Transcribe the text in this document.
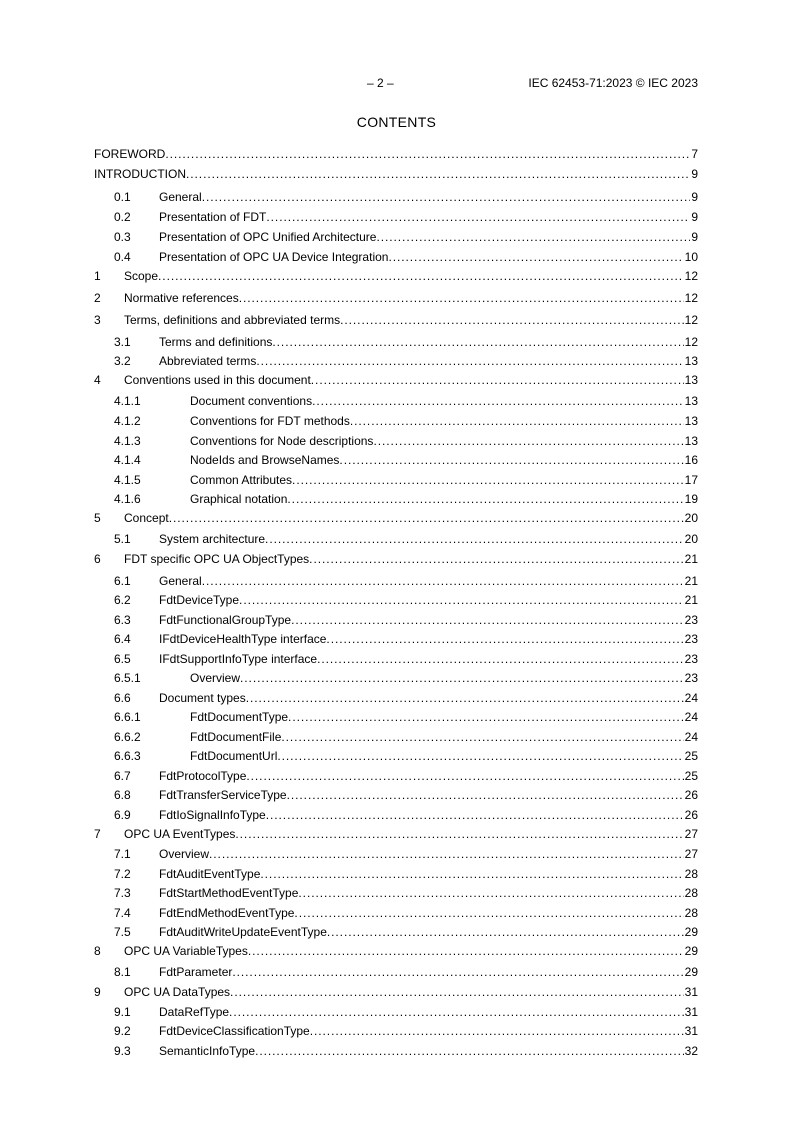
– 2 –	IEC 62453-71:2023 © IEC 2023
CONTENTS
FOREWORD . . .	7
INTRODUCTION . . .	9
0.1	General . . .	9
0.2	Presentation of FDT . . .	9
0.3	Presentation of OPC Unified Architecture . . .	9
0.4	Presentation of OPC UA Device Integration . . .	10
1	Scope . . .	12
2	Normative references . . .	12
3	Terms, definitions and abbreviated terms . . .	12
3.1	Terms and definitions . . .	12
3.2	Abbreviated terms . . .	13
4	Conventions used in this document . . .	13
4.1.1	Document conventions . . .	13
4.1.2	Conventions for FDT methods . . .	13
4.1.3	Conventions for Node descriptions . . .	13
4.1.4	NodeIds and BrowseNames . . .	16
4.1.5	Common Attributes . . .	17
4.1.6	Graphical notation . . .	19
5	Concept . . .	20
5.1	System architecture . . .	20
6	FDT specific OPC UA ObjectTypes . . .	21
6.1	General . . .	21
6.2	FdtDeviceType . . .	21
6.3	FdtFunctionalGroupType . . .	23
6.4	IFdtDeviceHealthType interface . . .	23
6.5	IFdtSupportInfoType interface . . .	23
6.5.1	Overview . . .	23
6.6	Document types . . .	24
6.6.1	FdtDocumentType . . .	24
6.6.2	FdtDocumentFile . . .	24
6.6.3	FdtDocumentUrl . . .	25
6.7	FdtProtocolType . . .	25
6.8	FdtTransferServiceType . . .	26
6.9	FdtIoSignalInfoType . . .	26
7	OPC UA EventTypes . . .	27
7.1	Overview . . .	27
7.2	FdtAuditEventType . . .	28
7.3	FdtStartMethodEventType . . .	28
7.4	FdtEndMethodEventType . . .	28
7.5	FdtAuditWriteUpdateEventType . . .	29
8	OPC UA VariableTypes . . .	29
8.1	FdtParameter . . .	29
9	OPC UA DataTypes . . .	31
9.1	DataRefType . . .	31
9.2	FdtDeviceClassificationType . . .	31
9.3	SemanticInfoType . . .	32
